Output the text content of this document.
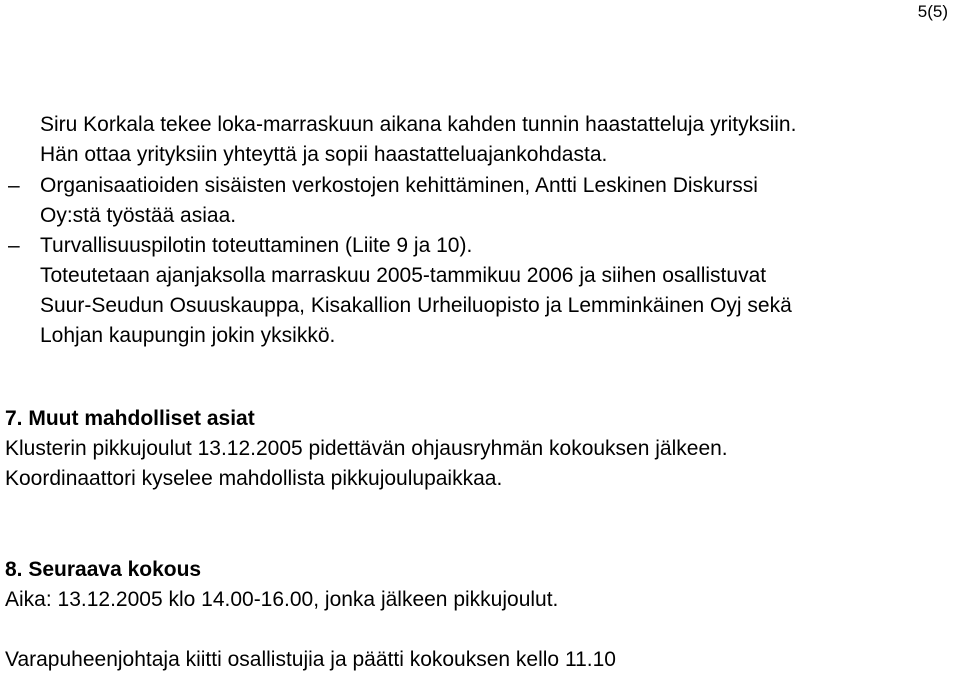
5(5)
Siru Korkala tekee loka-marraskuun aikana kahden tunnin haastatteluja yrityksiin.
Hän ottaa yrityksiin yhteyttä ja sopii haastatteluajankohdasta.
– Organisaatioiden sisäisten verkostojen kehittäminen, Antti Leskinen Diskurssi
Oy:stä työstää asiaa.
– Turvallisuuspilotin toteuttaminen (Liite 9 ja 10).
Toteutetaan ajanjaksolla marraskuu 2005-tammikuu 2006 ja siihen osallistuvat
Suur-Seudun Osuuskauppa, Kisakallion Urheiluopisto ja Lemminkäinen Oyj sekä
Lohjan kaupungin jokin yksikkö.
7. Muut mahdolliset asiat
Klusterin pikkujoulut 13.12.2005 pidettävän ohjausryhmän kokouksen jälkeen.
Koordinaattori kyselee mahdollista pikkujoulupaikkaa.
8. Seuraava kokous
Aika: 13.12.2005 klo 14.00-16.00, jonka jälkeen pikkujoulut.
Varapuheenjohtaja kiitti osallistujia ja päätti kokouksen kello 11.10
